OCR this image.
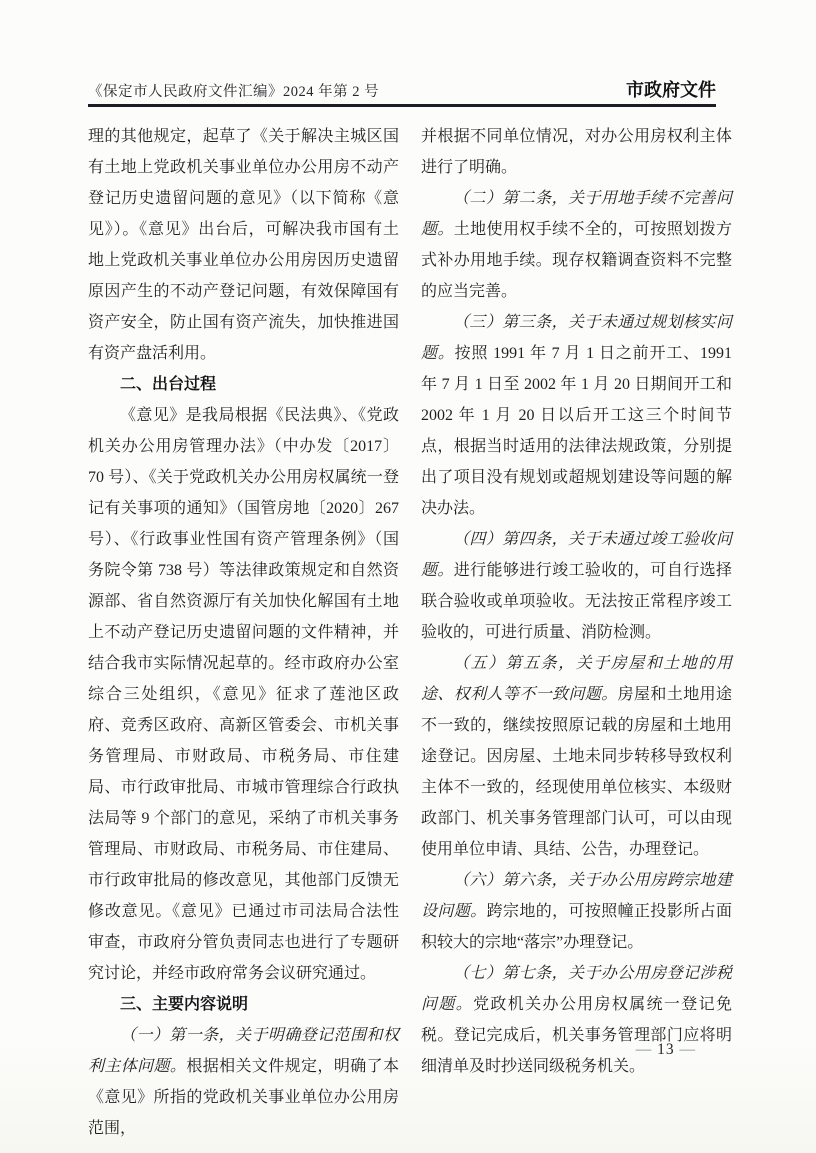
《保定市人民政府文件汇编》2024 年第 2 号	市政府文件

理的其他规定，起草了《关于解决主城区国有土地上党政机关事业单位办公用房不动产登记历史遗留问题的意见》（以下简称《意见》）。《意见》出台后，可解决我市国有土地上党政机关事业单位办公用房因历史遗留原因产生的不动产登记问题，有效保障国有资产安全，防止国有资产流失，加快推进国有资产盘活利用。

二、出台过程

《意见》是我局根据《民法典》、《党政机关办公用房管理办法》（中办发〔2017〕70 号）、《关于党政机关办公用房权属统一登记有关事项的通知》（国管房地〔2020〕267 号）、《行政事业性国有资产管理条例》（国务院令第 738 号）等法律政策规定和自然资源部、省自然资源厅有关加快化解国有土地上不动产登记历史遗留问题的文件精神，并结合我市实际情况起草的。经市政府办公室综合三处组织，《意见》征求了莲池区政府、竞秀区政府、高新区管委会、市机关事务管理局、市财政局、市税务局、市住建局、市行政审批局、市城市管理综合行政执法局等 9 个部门的意见，采纳了市机关事务管理局、市财政局、市税务局、市住建局、市行政审批局的修改意见，其他部门反馈无修改意见。《意见》已通过市司法局合法性审查，市政府分管负责同志也进行了专题研究讨论，并经市政府常务会议研究通过。

三、主要内容说明

（一）第一条，关于明确登记范围和权利主体问题。根据相关文件规定，明确了本《意见》所指的党政机关事业单位办公用房范围，

并根据不同单位情况，对办公用房权利主体进行了明确。

（二）第二条，关于用地手续不完善问题。土地使用权手续不全的，可按照划拨方式补办用地手续。现存权籍调查资料不完整的应当完善。

（三）第三条，关于未通过规划核实问题。按照 1991 年 7 月 1 日之前开工、1991 年 7 月 1 日至 2002 年 1 月 20 日期间开工和 2002 年 1 月 20 日以后开工这三个时间节点，根据当时适用的法律法规政策，分别提出了项目没有规划或超规划建设等问题的解决办法。

（四）第四条，关于未通过竣工验收问题。进行能够进行竣工验收的，可自行选择联合验收或单项验收。无法按正常程序竣工验收的，可进行质量、消防检测。

（五）第五条，关于房屋和土地的用途、权利人等不一致问题。房屋和土地用途不一致的，继续按照原记载的房屋和土地用途登记。因房屋、土地未同步转移导致权利主体不一致的，经现使用单位核实、本级财政部门、机关事务管理部门认可，可以由现使用单位申请、具结、公告，办理登记。

（六）第六条，关于办公用房跨宗地建设问题。跨宗地的，可按照幢正投影所占面积较大的宗地“落宗”办理登记。

（七）第七条，关于办公用房登记涉税问题。党政机关办公用房权属统一登记免税。登记完成后，机关事务管理部门应将明细清单及时抄送同级税务机关。

— 13 —
